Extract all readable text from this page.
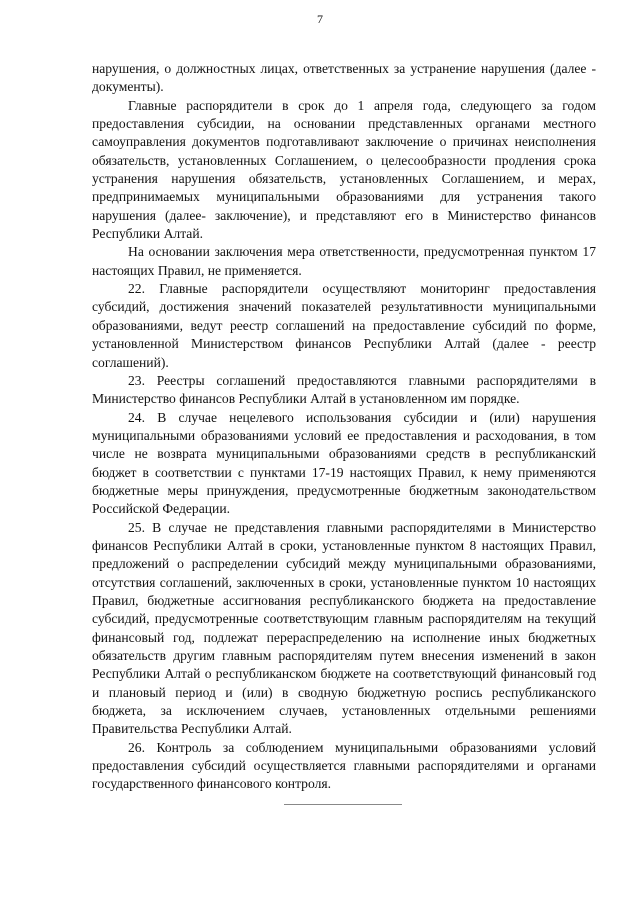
7

нарушения, о должностных лицах, ответственных за устранение нарушения (далее - документы).

Главные распорядители в срок до 1 апреля года, следующего за годом предоставления субсидии, на основании представленных органами местного самоуправления документов подготавливают заключение о причинах неисполнения обязательств, установленных Соглашением, о целесообразности продления срока устранения нарушения обязательств, установленных Соглашением, и мерах, предпринимаемых муниципальными образованиями для устранения такого нарушения (далее- заключение), и представляют его в Министерство финансов Республики Алтай.

На основании заключения мера ответственности, предусмотренная пунктом 17 настоящих Правил, не применяется.

22. Главные распорядители осуществляют мониторинг предоставления субсидий, достижения значений показателей результативности муниципальными образованиями, ведут реестр соглашений на предоставление субсидий по форме, установленной Министерством финансов Республики Алтай (далее - реестр соглашений).

23. Реестры соглашений предоставляются главными распорядителями в Министерство финансов Республики Алтай в установленном им порядке.

24. В случае нецелевого использования субсидии и (или) нарушения муниципальными образованиями условий ее предоставления и расходования, в том числе не возврата муниципальными образованиями средств в республиканский бюджет в соответствии с пунктами 17-19 настоящих Правил, к нему применяются бюджетные меры принуждения, предусмотренные бюджетным законодательством Российской Федерации.

25. В случае не представления главными распорядителями в Министерство финансов Республики Алтай в сроки, установленные пунктом 8 настоящих Правил, предложений о распределении субсидий между муниципальными образованиями, отсутствия соглашений, заключенных в сроки, установленные пунктом 10 настоящих Правил, бюджетные ассигнования республиканского бюджета на предоставление субсидий, предусмотренные соответствующим главным распорядителям на текущий финансовый год, подлежат перераспределению на исполнение иных бюджетных обязательств другим главным распорядителям путем внесения изменений в закон Республики Алтай о республиканском бюджете на соответствующий финансовый год и плановый период и (или) в сводную бюджетную роспись республиканского бюджета, за исключением случаев, установленных отдельными решениями Правительства Республики Алтай.

26. Контроль за соблюдением муниципальными образованиями условий предоставления субсидий осуществляется главными распорядителями и органами государственного финансового контроля.
